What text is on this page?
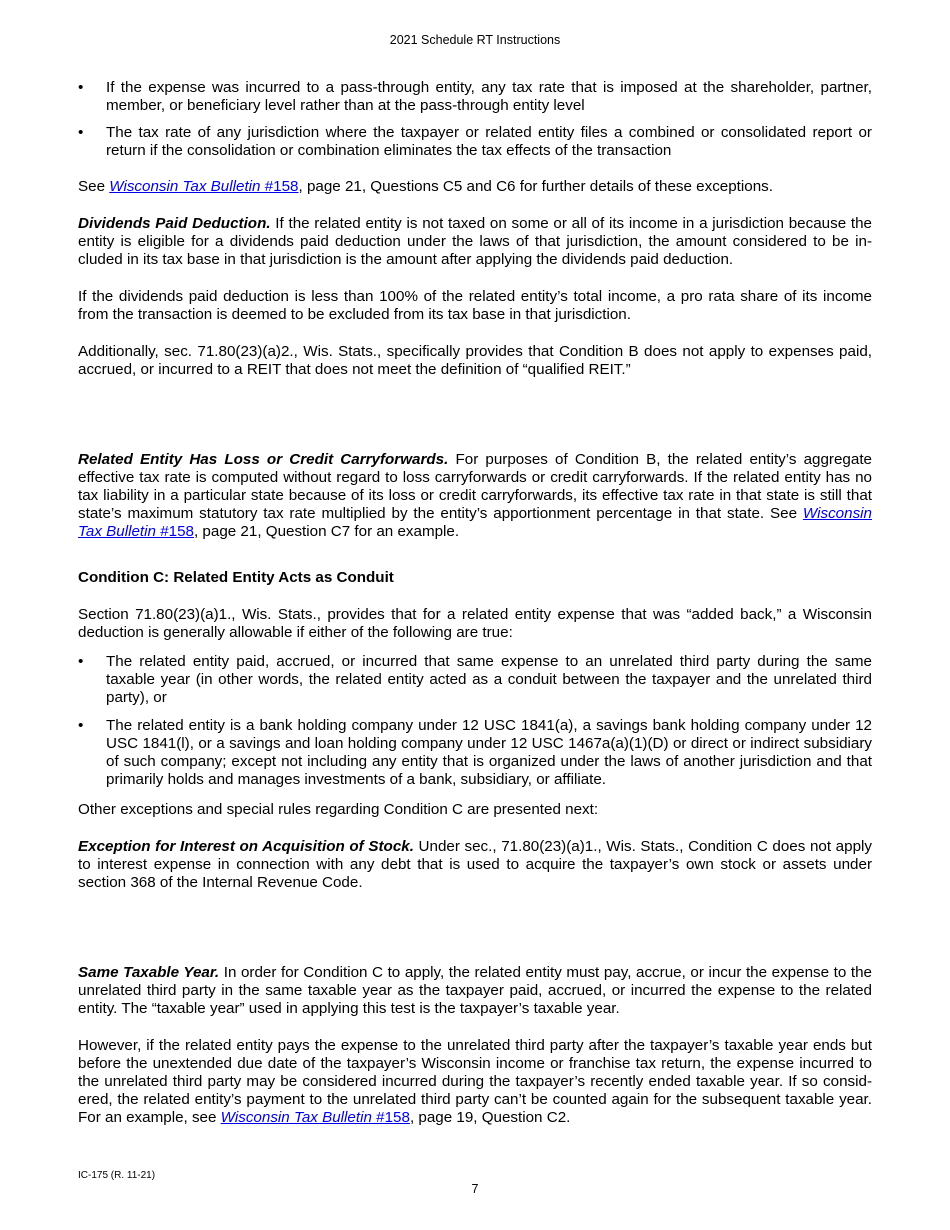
2021 Schedule RT Instructions

• If the expense was incurred to a pass-through entity, any tax rate that is imposed at the shareholder, partner, member, or beneficiary level rather than at the pass-through entity level

• The tax rate of any jurisdiction where the taxpayer or related entity files a combined or consolidated report or return if the consolidation or combination eliminates the tax effects of the transaction

See Wisconsin Tax Bulletin #158, page 21, Questions C5 and C6 for further details of these exceptions.

Dividends Paid Deduction. If the related entity is not taxed on some or all of its income in a jurisdiction because the entity is eligible for a dividends paid deduction under the laws of that jurisdiction, the amount considered to be included in its tax base in that jurisdiction is the amount after applying the dividends paid deduction.

If the dividends paid deduction is less than 100% of the related entity’s total income, a pro rata share of its income from the transaction is deemed to be excluded from its tax base in that jurisdiction.

Additionally, sec. 71.80(23)(a)2., Wis. Stats., specifically provides that Condition B does not apply to expenses paid, accrued, or incurred to a REIT that does not meet the definition of “qualified REIT.”

Related Entity Has Loss or Credit Carryforwards. For purposes of Condition B, the related entity’s aggregate effective tax rate is computed without regard to loss carryforwards or credit carryforwards. If the related entity has no tax liability in a particular state because of its loss or credit carryforwards, its effective tax rate in that state is still that state’s maximum statutory tax rate multiplied by the entity’s apportionment percentage in that state. See Wisconsin Tax Bulletin #158, page 21, Question C7 for an example.

Condition C: Related Entity Acts as Conduit

Section 71.80(23)(a)1., Wis. Stats., provides that for a related entity expense that was “added back,” a Wisconsin deduction is generally allowable if either of the following are true:

• The related entity paid, accrued, or incurred that same expense to an unrelated third party during the same taxable year (in other words, the related entity acted as a conduit between the taxpayer and the unrelated third party), or

• The related entity is a bank holding company under 12 USC 1841(a), a savings bank holding company under 12 USC 1841(l), or a savings and loan holding company under 12 USC 1467a(a)(1)(D) or direct or indirect subsidiary of such company; except not including any entity that is organized under the laws of another jurisdiction and that primarily holds and manages investments of a bank, subsidiary, or affiliate.

Other exceptions and special rules regarding Condition C are presented next:

Exception for Interest on Acquisition of Stock. Under sec., 71.80(23)(a)1., Wis. Stats., Condition C does not apply to interest expense in connection with any debt that is used to acquire the taxpayer’s own stock or assets under section 368 of the Internal Revenue Code.

Same Taxable Year. In order for Condition C to apply, the related entity must pay, accrue, or incur the expense to the unrelated third party in the same taxable year as the taxpayer paid, accrued, or incurred the expense to the related entity. The “taxable year” used in applying this test is the taxpayer’s taxable year.

However, if the related entity pays the expense to the unrelated third party after the taxpayer’s taxable year ends but before the unextended due date of the taxpayer’s Wisconsin income or franchise tax return, the expense incurred to the unrelated third party may be considered incurred during the taxpayer’s recently ended taxable year. If so considered, the related entity’s payment to the unrelated third party can’t be counted again for the subsequent taxable year. For an example, see Wisconsin Tax Bulletin #158, page 19, Question C2.

IC-175 (R. 11-21)
7
